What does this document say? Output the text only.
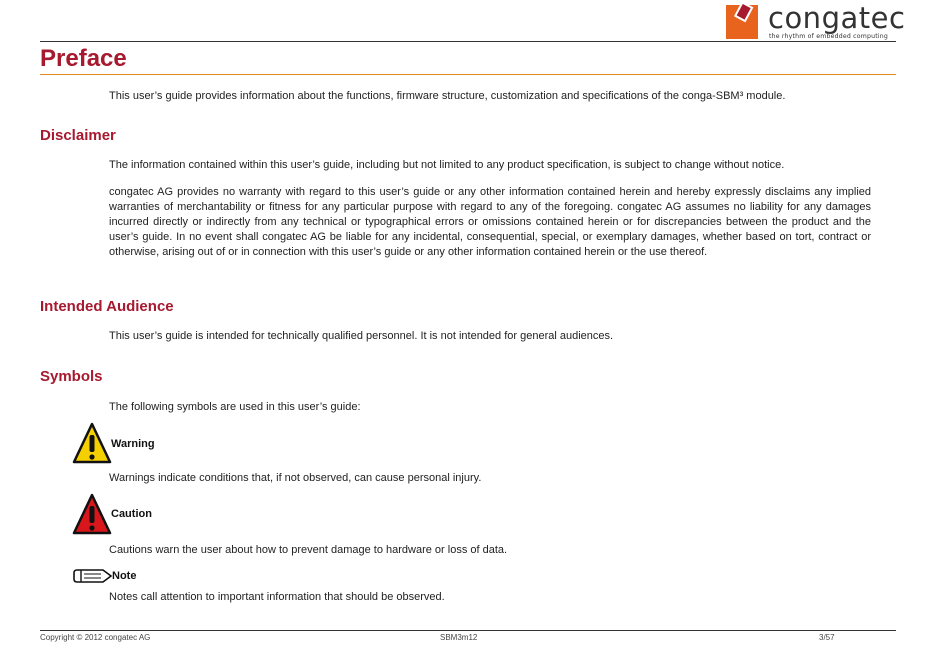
congatec
the rhythm of embedded computing
Preface

This user’s guide provides information about the functions, firmware structure, customization and specifications of the conga-SBM³ module.

Disclaimer

The information contained within this user’s guide, including but not limited to any product specification, is subject to change without notice.

congatec AG provides no warranty with regard to this user’s guide or any other information contained herein and hereby expressly disclaims any implied warranties of merchantability or fitness for any particular purpose with regard to any of the foregoing. congatec AG assumes no liability for any damages incurred directly or indirectly from any technical or typographical errors or omissions contained herein or for discrepancies between the product and the user’s guide. In no event shall congatec AG be liable for any incidental, consequential, special, or exemplary damages, whether based on tort, contract or otherwise, arising out of or in connection with this user’s guide or any other information contained herein or the use thereof.

Intended Audience

This user’s guide is intended for technically qualified personnel. It is not intended for general audiences.

Symbols

The following symbols are used in this user’s guide:

Warning

Warnings indicate conditions that, if not observed, can cause personal injury.

Caution

Cautions warn the user about how to prevent damage to hardware or loss of data.

Note

Notes call attention to important information that should be observed.

Copyright © 2012 congatec AG	SBM3m12	3/57
